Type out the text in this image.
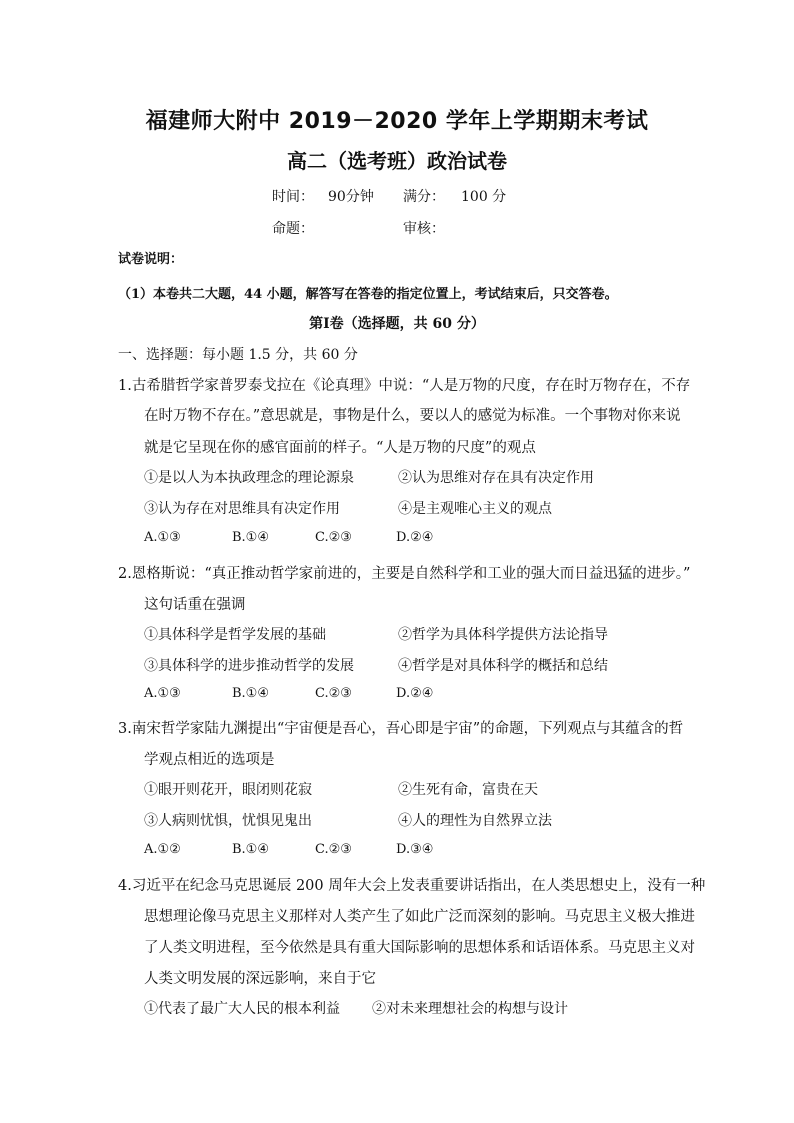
福建师大附中 2019－2020 学年上学期期末考试
高二（选考班）政治试卷
时间： 90分钟 满分： 100 分
命题：	审核：
试卷说明：
（1）本卷共二大题，44 小题，解答写在答卷的指定位置上，考试结束后，只交答卷。
第Ⅰ卷（选择题，共 60 分）
一、选择题：每小题 1.5 分，共 60 分
1.古希腊哲学家普罗泰戈拉在《论真理》中说：“人是万物的尺度，存在时万物存在，不存
在时万物不存在。”意思就是，事物是什么，要以人的感觉为标准。一个事物对你来说
就是它呈现在你的感官面前的样子。“人是万物的尺度”的观点
①是以人为本执政理念的理论源泉	②认为思维对存在具有决定作用
③认为存在对思维具有决定作用	④是主观唯心主义的观点
A.①③	B.①④	C.②③	D.②④
2.恩格斯说：“真正推动哲学家前进的，主要是自然科学和工业的强大而日益迅猛的进步。”
这句话重在强调
①具体科学是哲学发展的基础	②哲学为具体科学提供方法论指导
③具体科学的进步推动哲学的发展	④哲学是对具体科学的概括和总结
A.①③	B.①④	C.②③	D.②④
3.南宋哲学家陆九渊提出“宇宙便是吾心，吾心即是宇宙”的命题，下列观点与其蕴含的哲
学观点相近的选项是
①眼开则花开，眼闭则花寂	②生死有命，富贵在天
③人病则忧惧，忧惧见鬼出	④人的理性为自然界立法
A.①②	B.①④	C.②③	D.③④
4.习近平在纪念马克思诞辰 200 周年大会上发表重要讲话指出，在人类思想史上，没有一种
思想理论像马克思主义那样对人类产生了如此广泛而深刻的影响。马克思主义极大推进
了人类文明进程，至今依然是具有重大国际影响的思想体系和话语体系。马克思主义对
人类文明发展的深远影响，来自于它
①代表了最广大人民的根本利益 ②对未来理想社会的构想与设计
